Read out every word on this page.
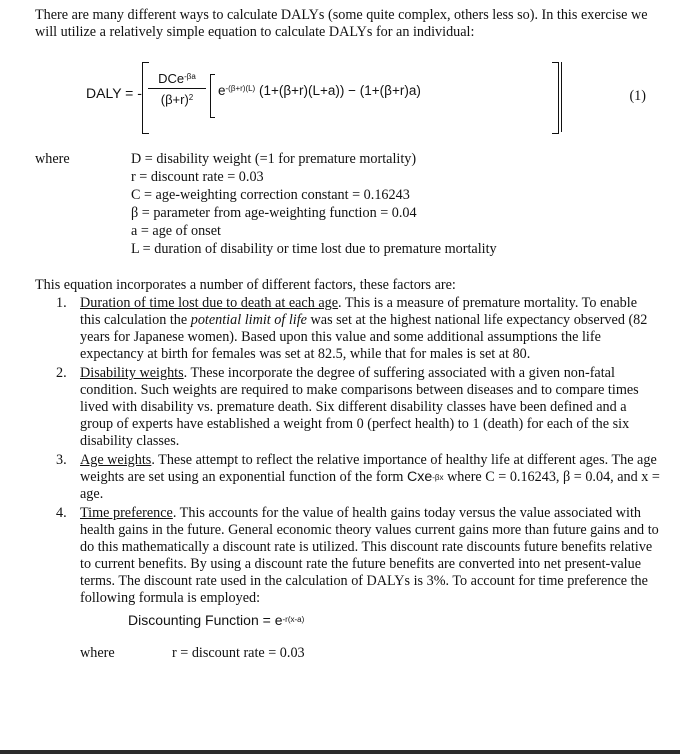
There are many different ways to calculate DALYs (some quite complex, others less so). In this exercise we will utilize a relatively simple equation to calculate DALYs for an individual:
DALY = -
DCe$^{-\beta a}$
$(\beta+r)^2$	$e^{-(\beta+r)(L)}$ (1+(β+r)(L+a)) − (1+(β+r)a)	(1)
where	D = disability weight (=1 for premature mortality)
r = discount rate = 0.03
C = age-weighting correction constant = 0.16243
β = parameter from age-weighting function = 0.04
a = age of onset
L = duration of disability or time lost due to premature mortality
This equation incorporates a number of different factors, these factors are:
1. Duration of time lost due to death at each age. This is a measure of premature mortality. To enable this calculation the potential limit of life was set at the highest national life expectancy observed (82 years for Japanese women). Based upon this value and some additional assumptions the life expectancy at birth for females was set at 82.5, while that for males is set at 80.
2. Disability weights. These incorporate the degree of suffering associated with a given non-fatal condition. Such weights are required to make comparisons between diseases and to compare times lived with disability vs. premature death. Six different disability classes have been defined and a group of experts have established a weight from 0 (perfect health) to 1 (death) for each of the six disability classes.
3. Age weights. These attempt to reflect the relative importance of healthy life at different ages. The age weights are set using an exponential function of the form Cxe$^{-\beta x}$ where C = 0.16243, β = 0.04, and x = age.
4. Time preference. This accounts for the value of health gains today versus the value associated with health gains in the future. General economic theory values current gains more than future gains and to do this mathematically a discount rate is utilized. This discount rate discounts future benefits relative to current benefits. By using a discount rate the future benefits are converted into net present-value terms. The discount rate used in the calculation of DALYs is 3%. To account for time preference the following formula is employed:
Discounting Function = $e^{-r(x-a)}$
where	r = discount rate = 0.03
